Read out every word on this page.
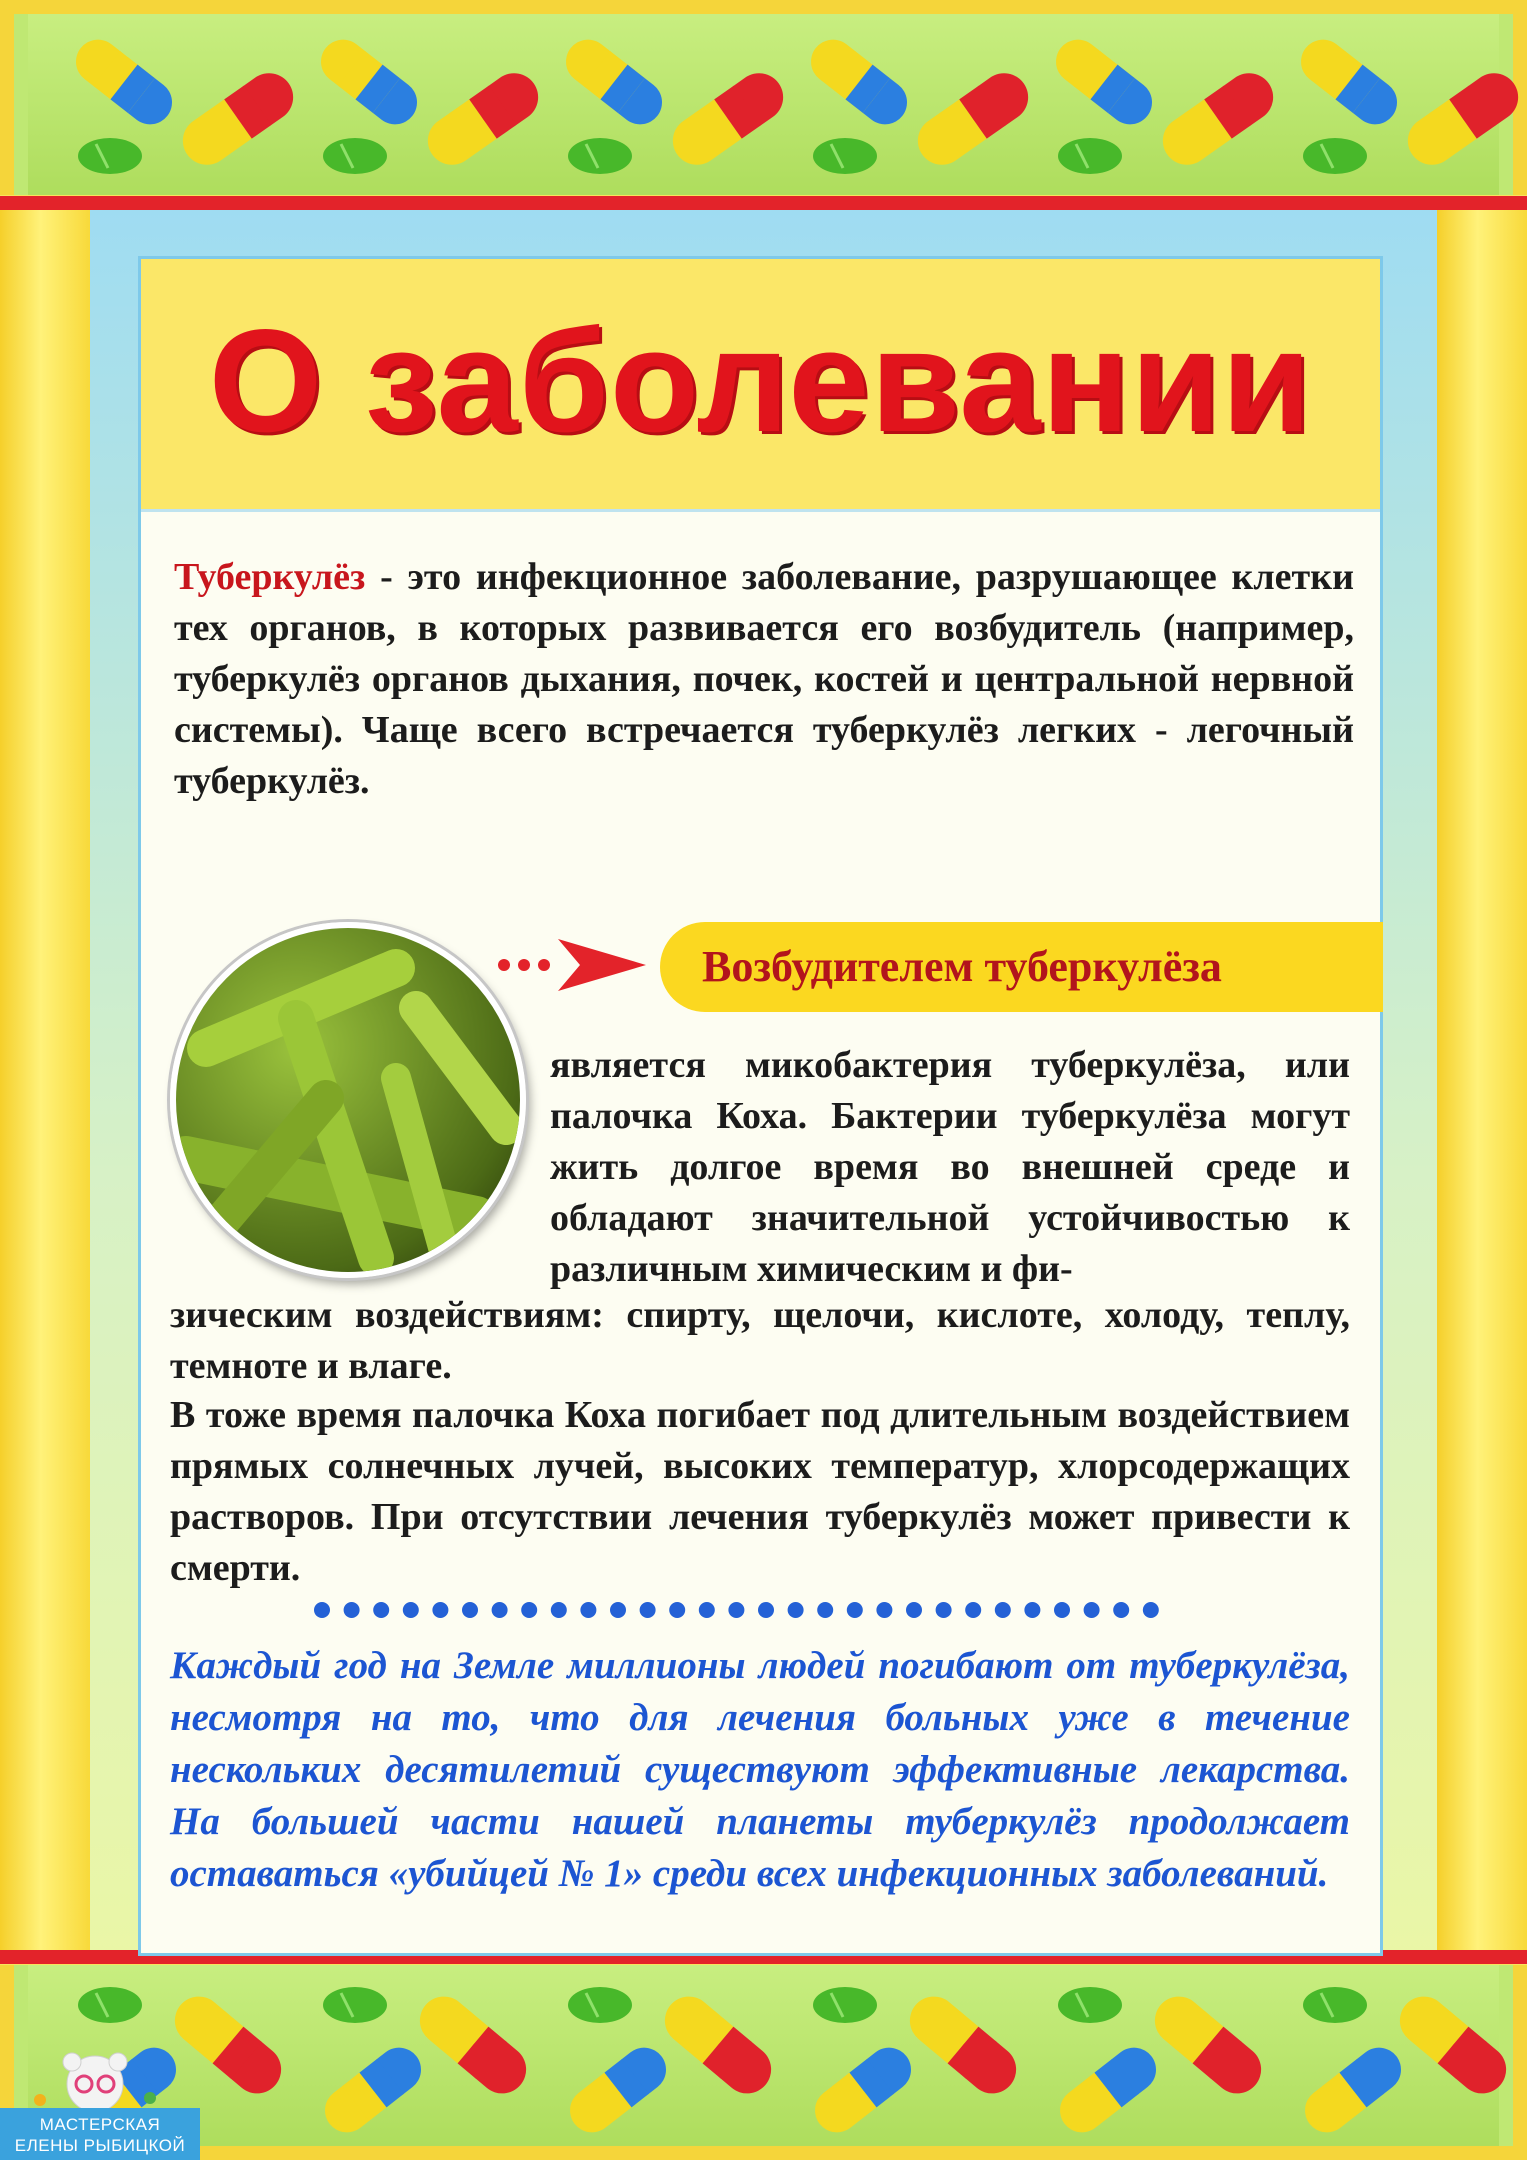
О заболевании
Туберкулёз - это инфекционное заболевание, разрушающее клетки тех органов, в которых развивается его возбудитель (например, туберкулёз органов дыхания, почек, костей и центральной нервной системы). Чаще всего встречается туберкулёз легких - легочный туберкулёз.
Возбудителем туберкулёза
является микобактерия туберкулёза, или палочка Коха. Бактерии туберкулёза могут жить долгое время во внешней среде и обладают значительной устойчивостью к различным химическим и фи-
зическим воздействиям: спирту, щелочи, кислоте, холоду, теплу, темноте и влаге.
В тоже время палочка Коха погибает под длительным воздействием прямых солнечных лучей, высоких температур, хлорсодержащих растворов. При отсутствии лечения туберкулёз может привести к смерти.
Каждый год на Земле миллионы людей погибают от туберкулёза, несмотря на то, что для лечения больных уже в течение нескольких десятилетий существуют эффективные лекарства. На большей части нашей планеты туберкулёз продолжает оставаться «убийцей № 1» среди всех инфекционных заболеваний.
МАСТЕРСКАЯ
ЕЛЕНЫ РЫБИЦКОЙ
